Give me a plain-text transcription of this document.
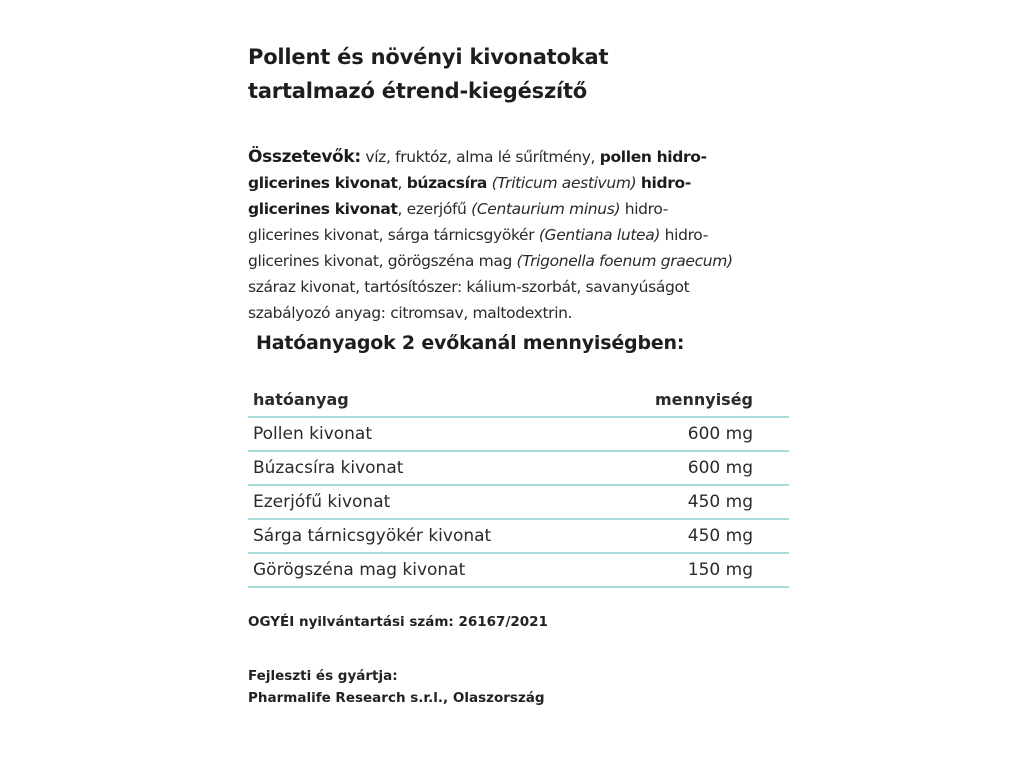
Pollent és növényi kivonatokat
tartalmazó étrend-kiegészítő
Összetevők: víz, fruktóz, alma lé sűrítmény, pollen hidro-glicerines kivonat, búzacsíra (Triticum aestivum) hidro-glicerines kivonat, ezerjófű (Centaurium minus) hidro-glicerines kivonat, sárga tárnicsgyökér (Gentiana lutea) hidro-glicerines kivonat, görögszéna mag (Trigonella foenum graecum) száraz kivonat, tartósítószer: kálium-szorbát, savanyúságot szabályozó anyag: citromsav, maltodextrin.
Hatóanyagok 2 evőkanál mennyiségben:
hatóanyag	mennyiség
Pollen kivonat	600 mg
Búzacsíra kivonat	600 mg
Ezerjófű kivonat	450 mg
Sárga tárnicsgyökér kivonat	450 mg
Görögszéna mag kivonat	150 mg
OGYÉI nyilvántartási szám: 26167/2021
Fejleszti és gyártja:
Pharmalife Research s.r.l., Olaszország
